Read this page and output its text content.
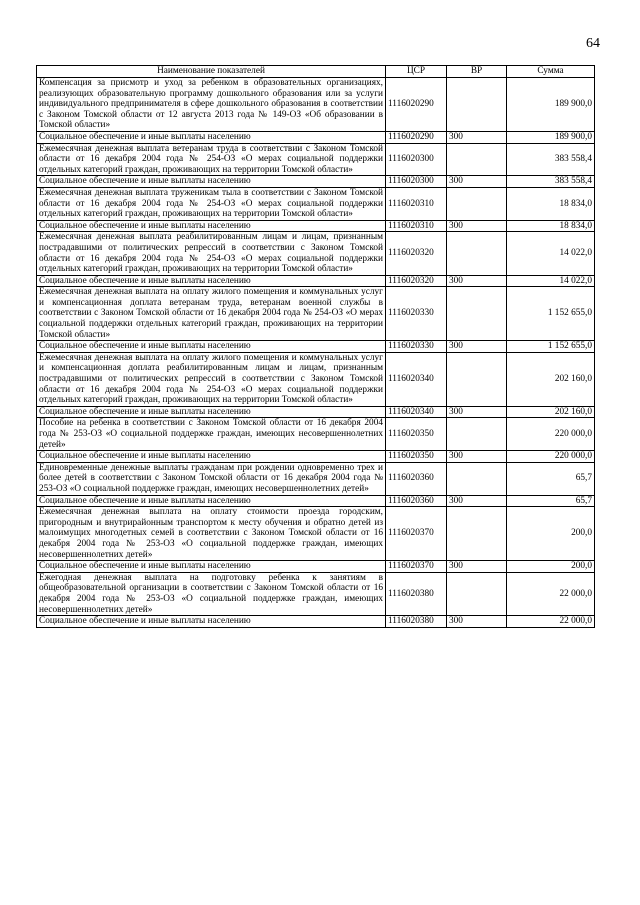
64
Наименование показателей	ЦСР	ВР	Сумма
Компенсация за присмотр и уход за ребенком в образовательных организациях, реализующих образовательную программу дошкольного образования или за услуги индивидуального предпринимателя в сфере дошкольного образования в соответствии с Законом Томской области от 12 августа 2013 года № 149-ОЗ «Об образовании в Томской области»	1116020290		189 900,0
Социальное обеспечение и иные выплаты населению	1116020290	300	189 900,0
Ежемесячная денежная выплата ветеранам труда в соответствии с Законом Томской области от 16 декабря 2004 года № 254-ОЗ «О мерах социальной поддержки отдельных категорий граждан, проживающих на территории Томской области»	1116020300		383 558,4
Социальное обеспечение и иные выплаты населению	1116020300	300	383 558,4
Ежемесячная денежная выплата труженикам тыла в соответствии с Законом Томской области от 16 декабря 2004 года № 254-ОЗ «О мерах социальной поддержки отдельных категорий граждан, проживающих на территории Томской области»	1116020310		18 834,0
Социальное обеспечение и иные выплаты населению	1116020310	300	18 834,0
Ежемесячная денежная выплата реабилитированным лицам и лицам, признанным пострадавшими от политических репрессий в соответствии с Законом Томской области от 16 декабря 2004 года № 254-ОЗ «О мерах социальной поддержки отдельных категорий граждан, проживающих на территории Томской области»	1116020320		14 022,0
Социальное обеспечение и иные выплаты населению	1116020320	300	14 022,0
Ежемесячная денежная выплата на оплату жилого помещения и коммунальных услуг и компенсационная доплата ветеранам труда, ветеранам военной службы в соответствии с Законом Томской области от 16 декабря 2004 года № 254-ОЗ «О мерах социальной поддержки отдельных категорий граждан, проживающих на территории Томской области»	1116020330		1 152 655,0
Социальное обеспечение и иные выплаты населению	1116020330	300	1 152 655,0
Ежемесячная денежная выплата на оплату жилого помещения и коммунальных услуг и компенсационная доплата реабилитированным лицам и лицам, признанным пострадавшими от политических репрессий в соответствии с Законом Томской области от 16 декабря 2004 года № 254-ОЗ «О мерах социальной поддержки отдельных категорий граждан, проживающих на территории Томской области»	1116020340		202 160,0
Социальное обеспечение и иные выплаты населению	1116020340	300	202 160,0
Пособие на ребенка в соответствии с Законом Томской области от 16 декабря 2004 года № 253-ОЗ «О социальной поддержке граждан, имеющих несовершеннолетних детей»	1116020350		220 000,0
Социальное обеспечение и иные выплаты населению	1116020350	300	220 000,0
Единовременные денежные выплаты гражданам при рождении одновременно трех и более детей в соответствии с Законом Томской области от 16 декабря 2004 года № 253-ОЗ «О социальной поддержке граждан, имеющих несовершеннолетних детей»	1116020360		65,7
Социальное обеспечение и иные выплаты населению	1116020360	300	65,7
Ежемесячная денежная выплата на оплату стоимости проезда городским, пригородным и внутрирайонным транспортом к месту обучения и обратно детей из малоимущих многодетных семей в соответствии с Законом Томской области от 16 декабря 2004 года № 253-ОЗ «О социальной поддержке граждан, имеющих несовершеннолетних детей»	1116020370		200,0
Социальное обеспечение и иные выплаты населению	1116020370	300	200,0
Ежегодная денежная выплата на подготовку ребенка к занятиям в общеобразовательной организации в соответствии с Законом Томской области от 16 декабря 2004 года № 253-ОЗ «О социальной поддержке граждан, имеющих несовершеннолетних детей»	1116020380		22 000,0
Социальное обеспечение и иные выплаты населению	1116020380	300	22 000,0
